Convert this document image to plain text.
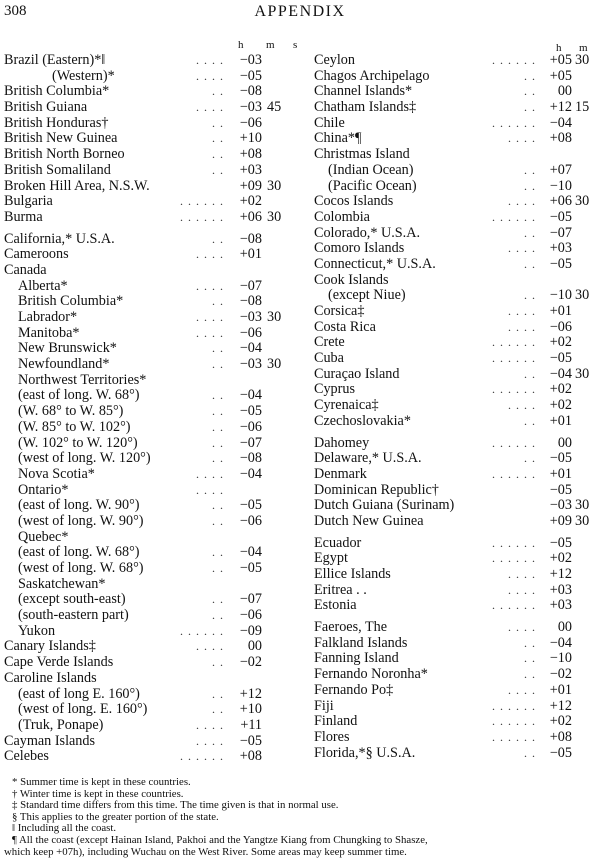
308	APPENDIX
h m s	h m
Brazil (Eastern)*‖	. . . .	−03
(Western)*	. . . .	−05
British Columbia*	. .	−08
British Guiana	. . . .	−03 45
British Honduras†	. .	−06
British New Guinea	. .	+10
British North Borneo	. .	+08
British Somaliland	. .	+03
Broken Hill Area, N.S.W.	+09 30
Bulgaria	. . . . . .	+02
Burma	. . . . . .	+06 30
California,* U.S.A.	. .	−08
Cameroons	. . . .	+01
Canada
Alberta*	. . . .	−07
British Columbia*	. .	−08
Labrador*	. . . .	−03 30
Manitoba*	. . . .	−06
New Brunswick*	. .	−04
Newfoundland*	. .	−03 30
Northwest Territories*
(east of long. W. 68°)	. .	−04
(W. 68° to W. 85°)	. .	−05
(W. 85° to W. 102°)	. .	−06
(W. 102° to W. 120°)	. .	−07
(west of long. W. 120°)	. .	−08
Nova Scotia*	. . . .	−04
Ontario*	. . . .
(east of long. W. 90°)	. .	−05
(west of long. W. 90°)	. .	−06
Quebec*
(east of long. W. 68°)	. .	−04
(west of long. W. 68°)	. .	−05
Saskatchewan*
(except south-east)	. .	−07
(south-eastern part)	. .	−06
Yukon	. . . . . .	−09
Canary Islands‡	. . . .	00
Cape Verde Islands	. .	−02
Caroline Islands
(east of long E. 160°)	. .	+12
(west of long. E. 160°)	. .	+10
(Truk, Ponape)	. . . .	+11
Cayman Islands	. . . .	−05
Celebes	. . . . . .	+08
Ceylon	. . . . . . +05 30
Chagos Archipelago	. . +05
Channel Islands*	. .	00
Chatham Islands‡	. . +12 15
Chile	. . . . . . −04
China*¶	. . . . +08
Christmas Island
(Indian Ocean)	. . +07
(Pacific Ocean)	. . −10
Cocos Islands	. . . . +06 30
Colombia	. . . . . . −05
Colorado,* U.S.A.	. . −07
Comoro Islands	. . . . +03
Connecticut,* U.S.A.	. . −05
Cook Islands
(except Niue)	. . −10 30
Corsica‡	. . . . +01
Costa Rica	. . . . −06
Crete	. . . . . . +02
Cuba	. . . . . . −05
Curaçao Island	. . −04 30
Cyprus	. . . . . . +02
Cyrenaica‡	. . . . +02
Czechoslovakia*	. . +01
Dahomey	. . . . . .	00
Delaware,* U.S.A.	. . −05
Denmark	. . . . . . +01
Dominican Republic†	−05
Dutch Guiana (Surinam)	−03 30
Dutch New Guinea	+09 30
Ecuador	. . . . . . −05
Egypt	. . . . . . +02
Ellice Islands	. . . . +12
Eritrea . .	. . . . +03
Estonia	. . . . . . +03
Faeroes, The	. . . .	00
Falkland Islands	. . −04
Fanning Island	. . −10
Fernando Noronha*	. . −02
Fernando Po‡	. . . . +01
Fiji	. . . . . . +12
Finland	. . . . . . +02
Flores	. . . . . . +08
Florida,*§ U.S.A.	. . −05
* Summer time is kept in these countries.
† Winter time is kept in these countries.
‡ Standard time differs from this time. The time given is that in normal use.
§ This applies to the greater portion of the state.
‖ Including all the coast.
¶ All the coast (except Hainan Island, Pakhoi and the Yangtze Kiang from Chungking to Shasze,
which keep +07h), including Wuchau on the West River. Some areas may keep summer time.
